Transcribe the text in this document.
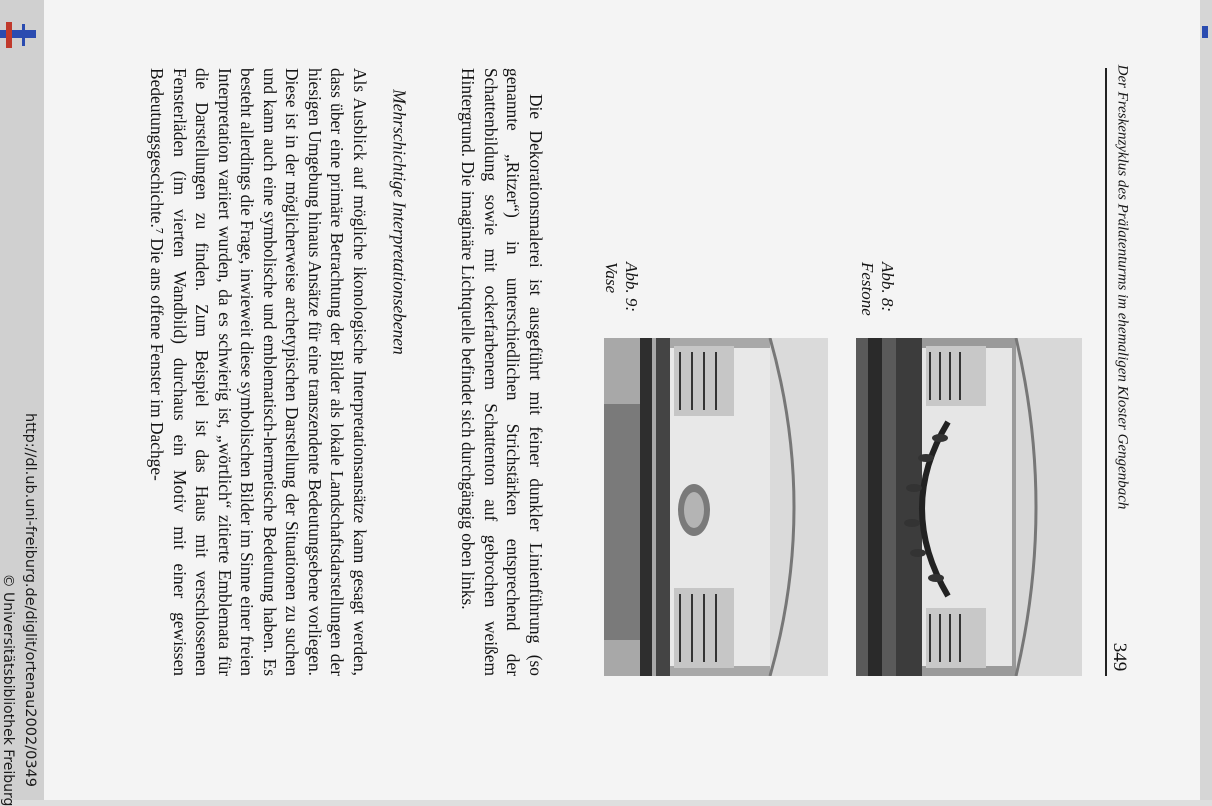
http://dl.ub.uni-freiburg.de/diglit/ortenau2002/0349
© Universitätsbibliothek Freiburg
Der Freskenzyklus des Prälatenturms im ehemaligen Kloster Gengenbach
349

Die Dekorationsmalerei ist ausgeführt mit feiner dunkler Linienführung (so genannte „Ritzer“) in unterschiedlichen Strichstärken entsprechend der Schattenbildung sowie mit ockerfarbenem Schattenton auf gebrochen weißem Hintergrund. Die imaginäre Lichtquelle befindet sich durchgängig oben links.

Mehrschichtige Interpretationsebenen

Als Ausblick auf mögliche ikonologische Interpretationsansätze kann gesagt werden, dass über eine primäre Betrachtung der Bilder als lokale Landschaftsdarstellungen der hiesigen Umgebung hinaus Ansätze für eine transzendente Bedeutungsebene vorliegen. Diese ist in der möglicherweise archetypischen Darstellung der Situationen zu suchen und kann auch eine symbolische und emblematisch-hermetische Bedeutung haben. Es besteht allerdings die Frage, inwieweit diese symbolischen Bilder im Sinne einer freien Interpretation variiert wurden, da es schwierig ist, „wörtlich“ zitierte Emblemata für die Darstellungen zu finden. Zum Beispiel ist das Haus mit verschlossenen Fensterläden (im vierten Wandbild) durchaus ein Motiv mit einer gewissen Bedeutungsgeschichte.⁷ Die ans offene Fenster im Dachge-	Abb. 8:
Festone
Abb. 9:
Vase
